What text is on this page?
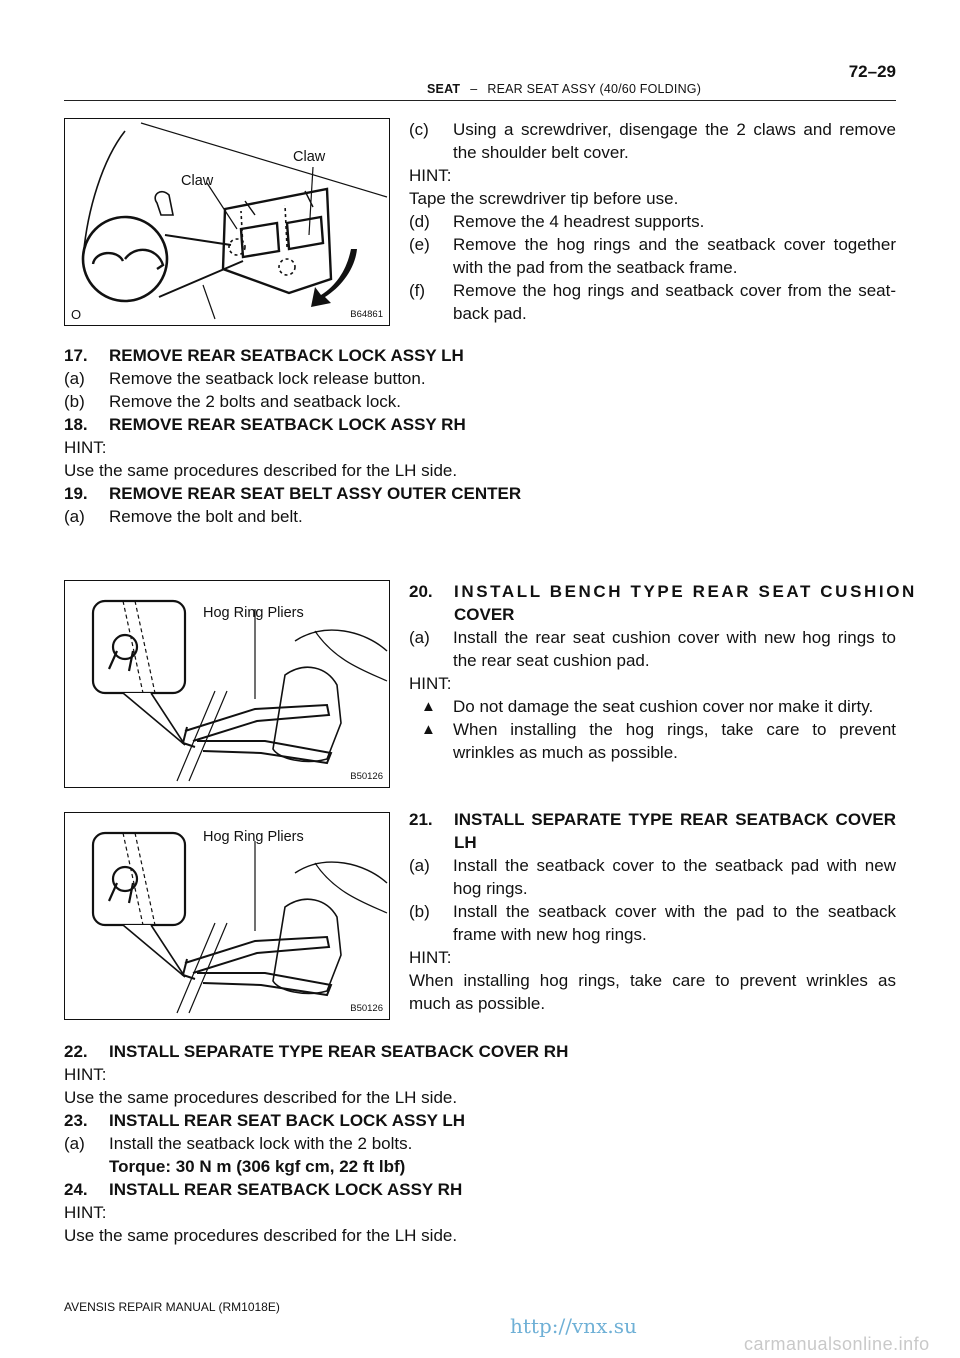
SEAT – REAR SEAT ASSY (40/60 FOLDING)
72–29
Claw
Claw
O	B64861
(c) Using a screwdriver, disengage the 2 claws and remove
the shoulder belt cover.
HINT:
Tape the screwdriver tip before use.
(d) Remove the 4 headrest supports.
(e) Remove the hog rings and the seatback cover together
with the pad from the seatback frame.
(f) Remove the hog rings and seatback cover from the seat-
back pad.
17. REMOVE REAR SEATBACK LOCK ASSY LH
(a) Remove the seatback lock release button.
(b) Remove the 2 bolts and seatback lock.
18. REMOVE REAR SEATBACK LOCK ASSY RH
HINT:
Use the same procedures described for the LH side.
19. REMOVE REAR SEAT BELT ASSY OUTER CENTER
(a) Remove the bolt and belt.
Hog Ring Pliers
B50126
20. INSTALL BENCH TYPE REAR SEAT CUSHION
COVER
(a) Install the rear seat cushion cover with new hog rings to
the rear seat cushion pad.
HINT:
▲ Do not damage the seat cushion cover nor make it dirty.
▲ When installing the hog rings, take care to prevent
wrinkles as much as possible.
Hog Ring Pliers
B50126
21. INSTALL SEPARATE TYPE REAR SEATBACK COVER
LH
(a) Install the seatback cover to the seatback pad with new
hog rings.
(b) Install the seatback cover with the pad to the seatback
frame with new hog rings.
HINT:
When installing hog rings, take care to prevent wrinkles as
much as possible.
22. INSTALL SEPARATE TYPE REAR SEATBACK COVER RH
HINT:
Use the same procedures described for the LH side.
23. INSTALL REAR SEAT BACK LOCK ASSY LH
(a) Install the seatback lock with the 2 bolts.
Torque: 30 N m (306 kgf cm, 22 ft lbf)
24. INSTALL REAR SEATBACK LOCK ASSY RH
HINT:
Use the same procedures described for the LH side.
AVENSIS REPAIR MANUAL (RM1018E)
http://vnx.su
carmanualsonline.info
